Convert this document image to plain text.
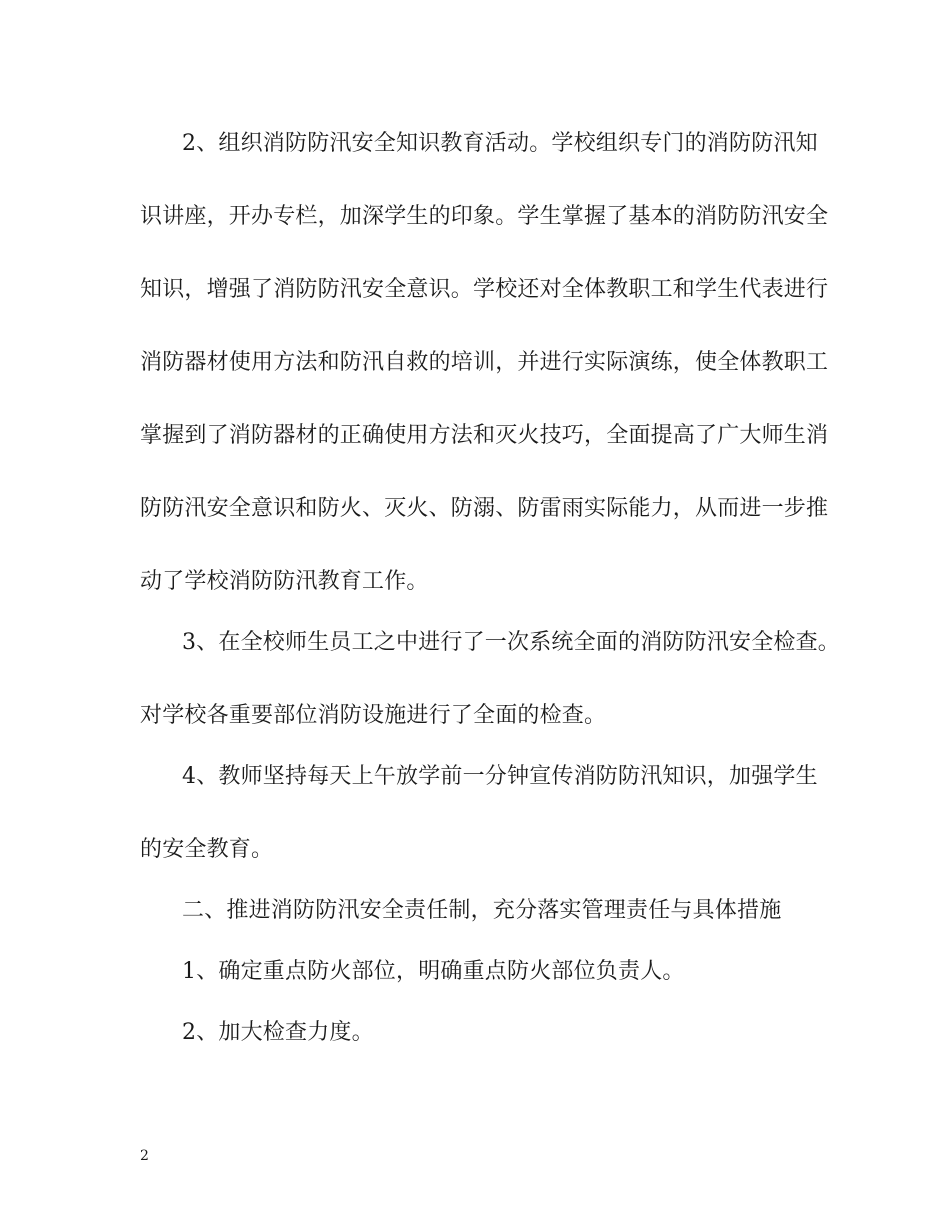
2、组织消防防汛安全知识教育活动。学校组织专门的消防防汛知
识讲座，开办专栏，加深学生的印象。学生掌握了基本的消防防汛安全
知识，增强了消防防汛安全意识。学校还对全体教职工和学生代表进行
消防器材使用方法和防汛自救的培训，并进行实际演练，使全体教职工
掌握到了消防器材的正确使用方法和灭火技巧，全面提高了广大师生消
防防汛安全意识和防火、灭火、防溺、防雷雨实际能力，从而进一步推
动了学校消防防汛教育工作。
3、在全校师生员工之中进行了一次系统全面的消防防汛安全检查。
对学校各重要部位消防设施进行了全面的检查。
4、教师坚持每天上午放学前一分钟宣传消防防汛知识，加强学生
的安全教育。
二、推进消防防汛安全责任制，充分落实管理责任与具体措施
1、确定重点防火部位，明确重点防火部位负责人。
2、加大检查力度。
2
